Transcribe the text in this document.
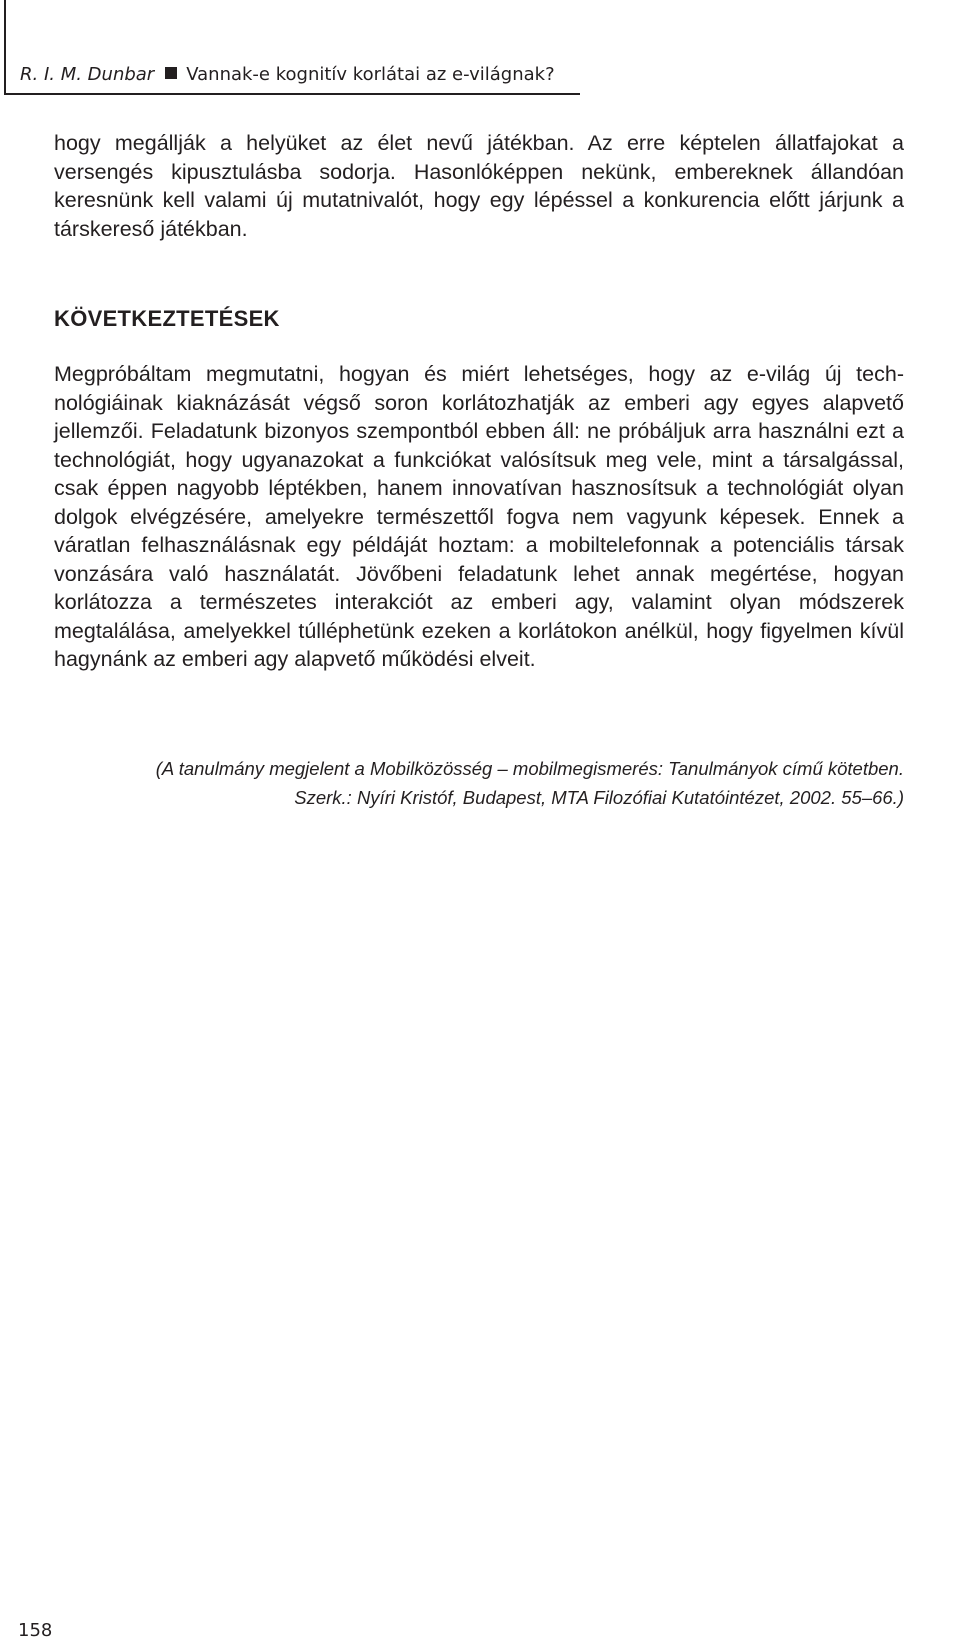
R. I. M. Dunbar Vannak-e kognitív korlátai az e-világnak?

hogy megállják a helyüket az élet nevű játékban. Az erre képtelen állatfajokat a versengés kipusztulásba sodorja. Hasonlóképpen nekünk, embereknek állandóan keresnünk kell valami új mutatnivalót, hogy egy lépéssel a konkurencia előtt járjunk a társkereső játékban.

KÖVETKEZTETÉSEK

Megpróbáltam megmutatni, hogyan és miért lehetséges, hogy az e-világ új technológiáinak kiaknázását végső soron korlátozhatják az emberi agy egyes alapvető jellemzői. Feladatunk bizonyos szempontból ebben áll: ne próbáljuk arra használni ezt a technológiát, hogy ugyanazokat a funkciókat valósítsuk meg vele, mint a társalgással, csak éppen nagyobb léptékben, hanem innovatívan hasznosítsuk a technológiát olyan dolgok elvégzésére, amelyekre természettől fogva nem vagyunk képesek. Ennek a váratlan felhasználásnak egy példáját hoztam: a mobiltelefonnak a potenciális társak vonzására való használatát. Jövőbeni feladatunk lehet annak megértése, hogyan korlátozza a természetes interakciót az emberi agy, valamint olyan módszerek megtalálása, amelyekkel túlléphetünk ezeken a korlátokon anélkül, hogy figyelmen kívül hagynánk az emberi agy alapvető működési elveit.

(A tanulmány megjelent a Mobilközösség – mobilmegismerés: Tanulmányok című kötetben.
Szerk.: Nyíri Kristóf, Budapest, MTA Filozófiai Kutatóintézet, 2002. 55–66.)

158
